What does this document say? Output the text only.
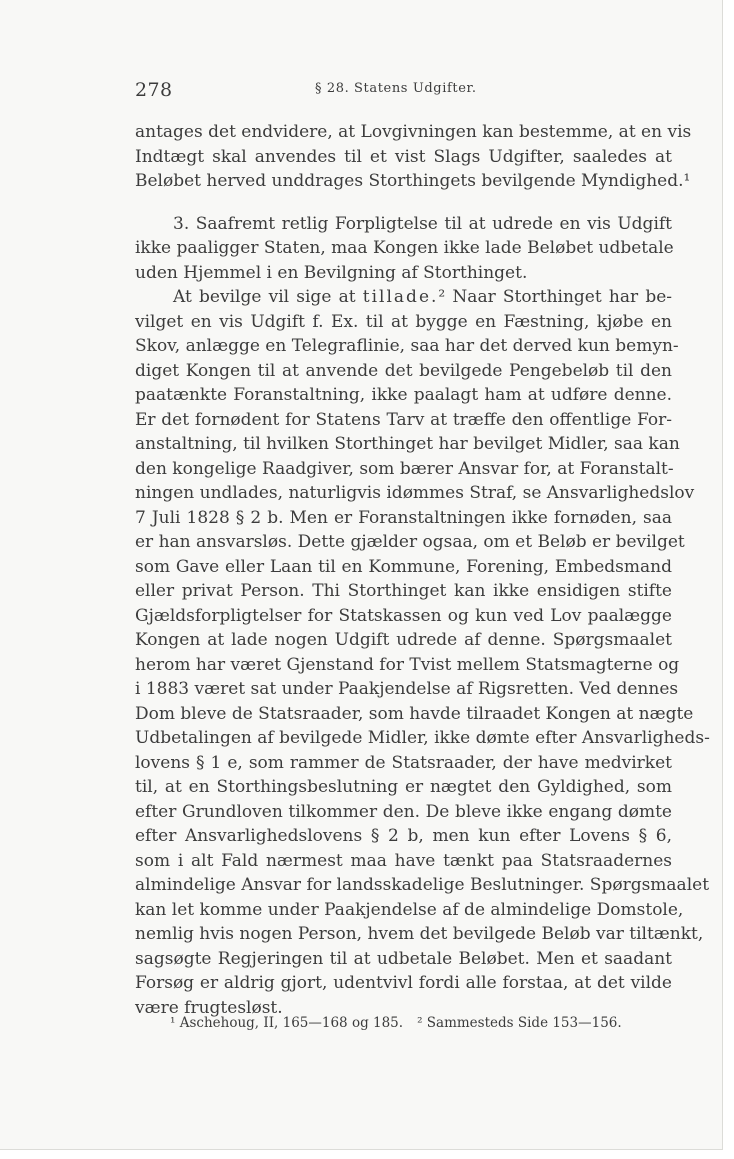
278	§ 28. Statens Udgifter.
antages det endvidere, at Lovgivningen kan bestemme, at en vis
Indtægt skal anvendes til et vist Slags Udgifter, saaledes at
Beløbet herved unddrages Storthingets bevilgende Myndighed.¹
3. Saafremt retlig Forpligtelse til at udrede en vis Udgift
ikke paaligger Staten, maa Kongen ikke lade Beløbet udbetale
uden Hjemmel i en Bevilgning af Storthinget.
At bevilge vil sige at tillade.² Naar Storthinget har be-
vilget en vis Udgift f. Ex. til at bygge en Fæstning, kjøbe en
Skov, anlægge en Telegraflinie, saa har det derved kun bemyn-
diget Kongen til at anvende det bevilgede Pengebeløb til den
paatænkte Foranstaltning, ikke paalagt ham at udføre denne.
Er det fornødent for Statens Tarv at træffe den offentlige For-
anstaltning, til hvilken Storthinget har bevilget Midler, saa kan
den kongelige Raadgiver, som bærer Ansvar for, at Foranstalt-
ningen undlades, naturligvis idømmes Straf, se Ansvarlighedslov
7 Juli 1828 § 2 b. Men er Foranstaltningen ikke fornøden, saa
er han ansvarsløs. Dette gjælder ogsaa, om et Beløb er bevilget
som Gave eller Laan til en Kommune, Forening, Embedsmand
eller privat Person. Thi Storthinget kan ikke ensidigen stifte
Gjældsforpligtelser for Statskassen og kun ved Lov paalægge
Kongen at lade nogen Udgift udrede af denne. Spørgsmaalet
herom har været Gjenstand for Tvist mellem Statsmagterne og
i 1883 været sat under Paakjendelse af Rigsretten. Ved dennes
Dom bleve de Statsraader, som havde tilraadet Kongen at nægte
Udbetalingen af bevilgede Midler, ikke dømte efter Ansvarligheds-
lovens § 1 e, som rammer de Statsraader, der have medvirket
til, at en Storthingsbeslutning er nægtet den Gyldighed, som
efter Grundloven tilkommer den. De bleve ikke engang dømte
efter Ansvarlighedslovens § 2 b, men kun efter Lovens § 6,
som i alt Fald nærmest maa have tænkt paa Statsraadernes
almindelige Ansvar for landsskadelige Beslutninger. Spørgsmaalet
kan let komme under Paakjendelse af de almindelige Domstole,
nemlig hvis nogen Person, hvem det bevilgede Beløb var tiltænkt,
sagsøgte Regjeringen til at udbetale Beløbet. Men et saadant
Forsøg er aldrig gjort, udentvivl fordi alle forstaa, at det vilde
være frugtesløst.
¹ Aschehoug, II, 165—168 og 185. ² Sammesteds Side 153—156.
